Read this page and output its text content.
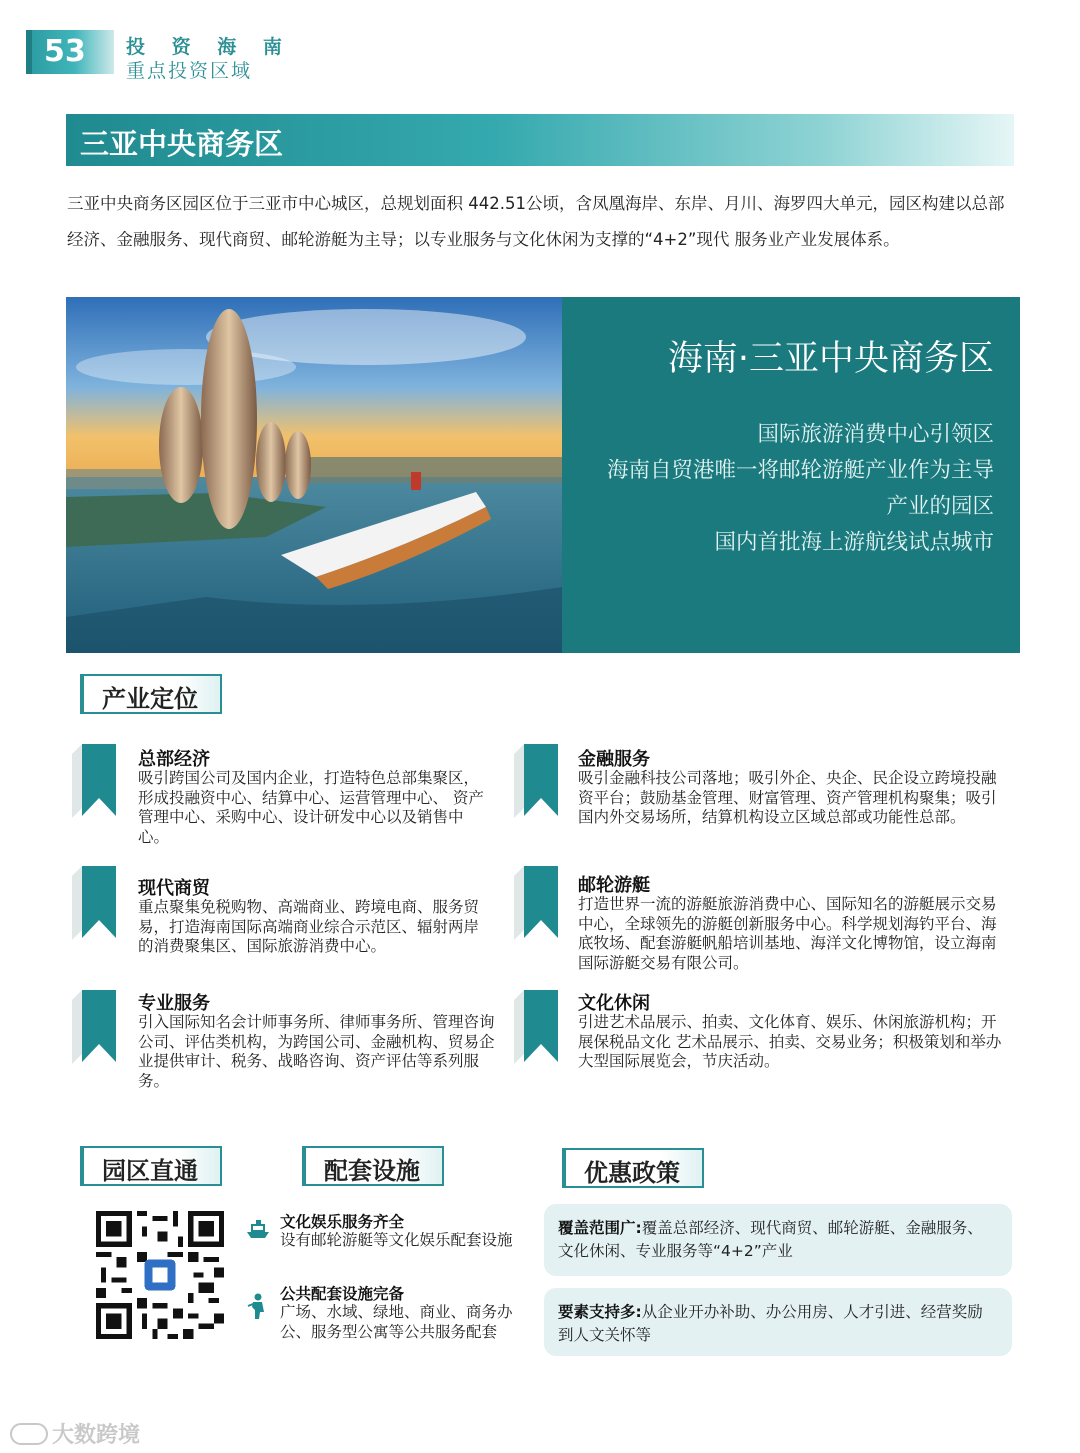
53	投 资 海 南
重点投资区域
三亚中央商务区

三亚中央商务区园区位于三亚市中心城区，总规划面积 442.51公顷，含凤凰海岸、东岸、月川、海罗四大单元，园区构建以总部经济、金融服务、现代商贸、邮轮游艇为主导；以专业服务与文化休闲为支撑的“4+2”现代 服务业产业发展体系。

海南·三亚中央商务区
国际旅游消费中心引领区
海南自贸港唯一将邮轮游艇产业作为主导
产业的园区
国内首批海上游航线试点城市
产业定位
总部经济
吸引跨国公司及国内企业，打造特色总部集聚区，形成投融资中心、结算中心、运营管理中心、 资产管理中心、采购中心、设计研发中心以及销售中心。
金融服务
吸引金融科技公司落地；吸引外企、央企、民企设立跨境投融资平台；鼓励基金管理、财富管理、资产管理机构聚集；吸引国内外交易场所，结算机构设立区域总部或功能性总部。
现代商贸
重点聚集免税购物、高端商业、跨境电商、服务贸易，打造海南国际高端商业综合示范区、辐射两岸的消费聚集区、国际旅游消费中心。
邮轮游艇
打造世界一流的游艇旅游消费中心、国际知名的游艇展示交易中心，全球领先的游艇创新服务中心。科学规划海钓平台、海底牧场、配套游艇帆船培训基地、海洋文化博物馆，设立海南国际游艇交易有限公司。
专业服务
引入国际知名会计师事务所、律师事务所、管理咨询公司、评估类机构，为跨国公司、金融机构、贸易企业提供审计、税务、战略咨询、资产评估等系列服务。
文化休闲
引进艺术品展示、拍卖、文化体育、娱乐、休闲旅游机构；开展保税品文化 艺术品展示、拍卖、交易业务；积极策划和举办大型国际展览会，节庆活动。
园区直通	配套设施	优惠政策
文化娱乐服务齐全
设有邮轮游艇等文化娱乐配套设施
公共配套设施完备
广场、水域、绿地、商业、商务办公、服务型公寓等公共服务配套
覆盖范围广:覆盖总部经济、现代商贸、邮轮游艇、金融服务、文化休闲、专业服务等“4+2”产业
要素支持多:从企业开办补助、办公用房、人才引进、经营奖励到人文关怀等
大数跨境
